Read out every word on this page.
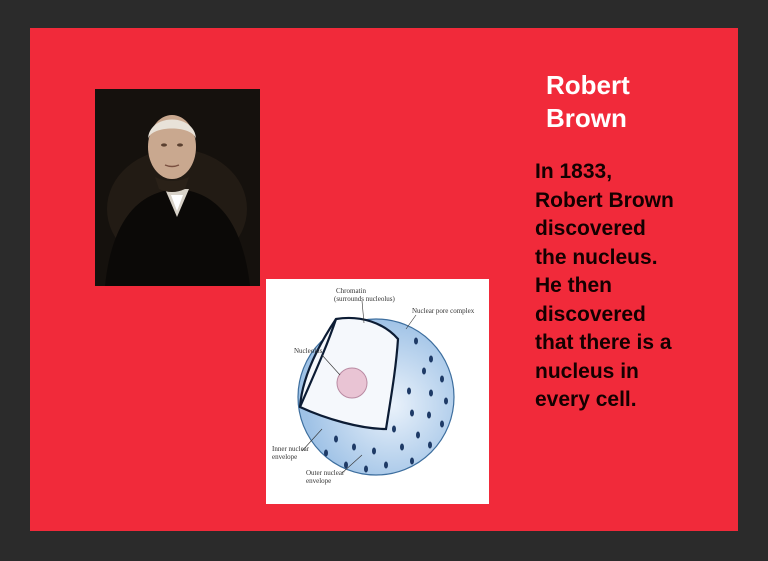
Chromatin
(surrounds nucleolus)
Nuclear pore complex
Nucleolus
Inner nuclear
envelope
Outer nuclear
envelope
Robert
Brown
In 1833,
Robert Brown
discovered
the nucleus.
He then
discovered
that there is a
nucleus in
every cell.
